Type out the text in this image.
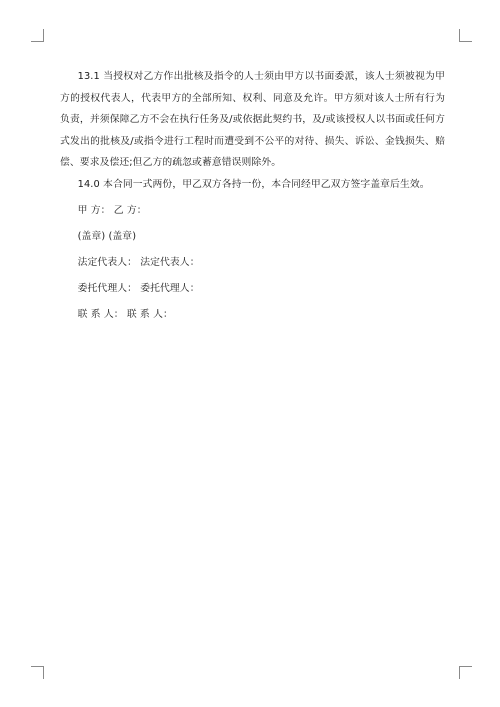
13.1 当授权对乙方作出批核及指令的人士须由甲方以书面委派，该人士须被视为甲方的授权代表人，代表甲方的全部所知、权利、同意及允许。甲方须对该人士所有行为负责，并须保障乙方不会在执行任务及/或依据此契约书，及/或该授权人以书面或任何方式发出的批核及/或指令进行工程时而遭受到不公平的对待、损失、诉讼、金钱损失、赔偿、要求及偿还;但乙方的疏忽或蓄意错误则除外。

14.0 本合同一式两份，甲乙双方各持一份，本合同经甲乙双方签字盖章后生效。

甲 方： 乙 方：

(盖章) (盖章)

法定代表人： 法定代表人：

委托代理人： 委托代理人：

联 系 人： 联 系 人：
